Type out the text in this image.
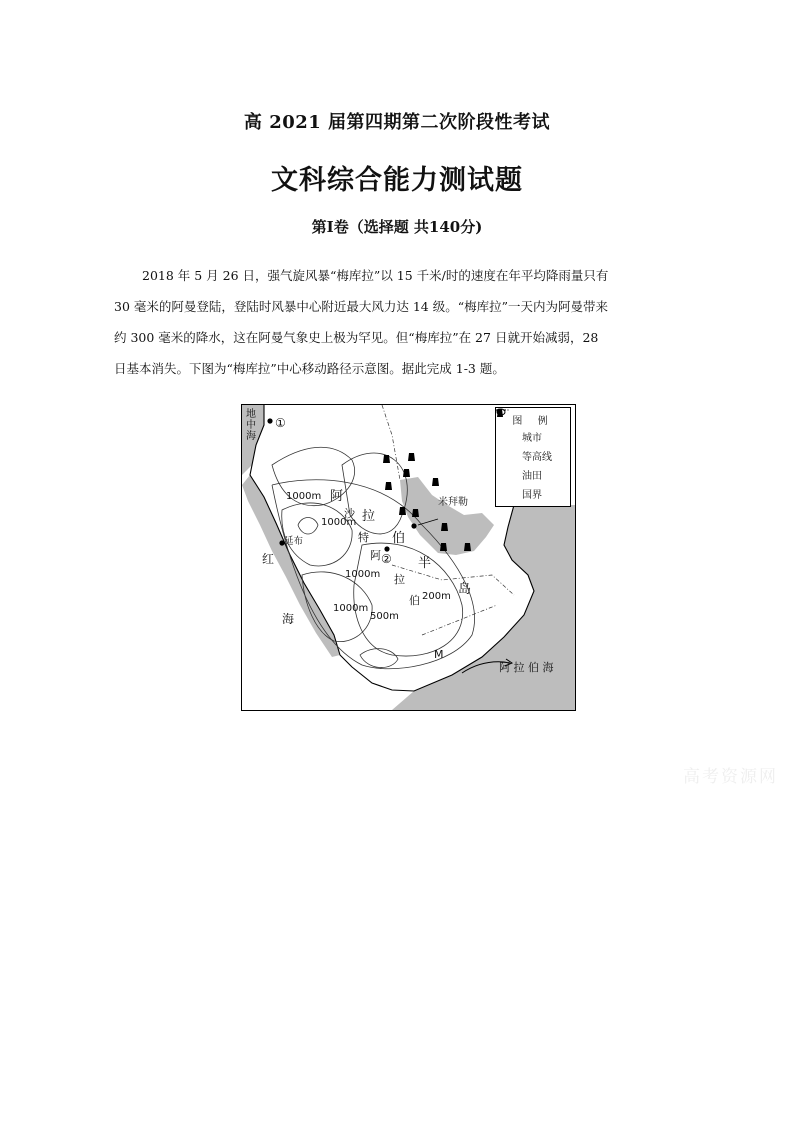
高 2021 届第四期第二次阶段性考试
文科综合能力测试题
第Ⅰ卷（选择题 共140分)

2018 年 5 月 26 日，强气旋风暴“梅库拉”以 15 千米/时的速度在年平均降雨量只有

30 毫米的阿曼登陆，登陆时风暴中心附近最大风力达 14 级。“梅库拉”一天内为阿曼带来

约 300 毫米的降水，这在阿曼气象史上极为罕见。但“梅库拉”在 27 日就开始减弱，28

日基本消失。下图为“梅库拉”中心移动路径示意图。据此完成 1-3 题。

地
中
海
①
红
海
延布
1000m
1000m
1000m
1000m
500m
200m
阿
拉
伯
半
岛
沙
特
阿
拉
伯
②
米拜勒
M
阿 拉 伯 海
图 例
城市
等高线
油田
国界
高考资源网
